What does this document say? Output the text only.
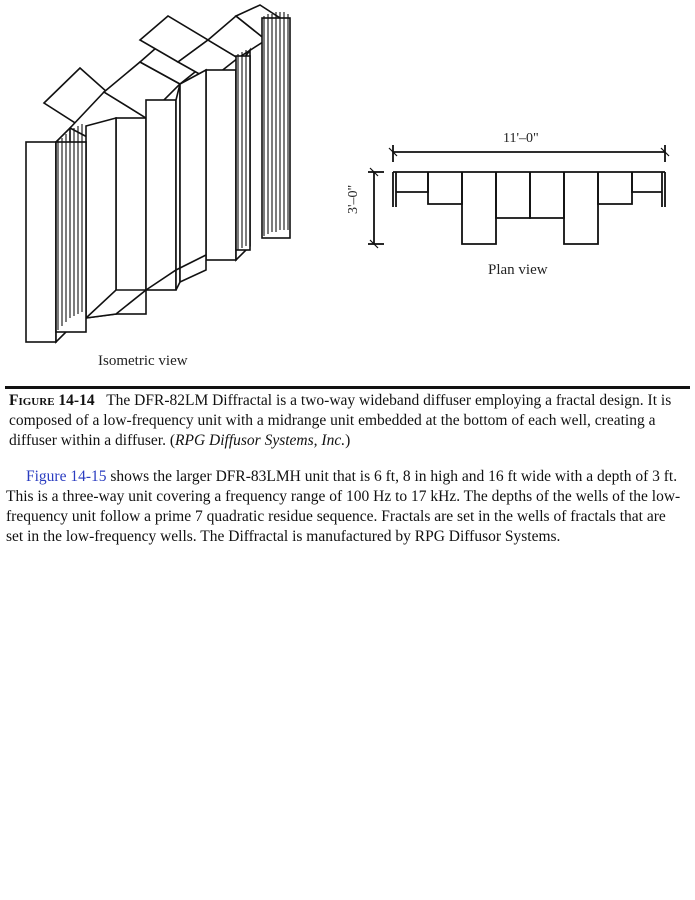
Isometric view
Plan view
11'–0"
3'–0"
Figure 14-14 The DFR-82LM Diffractal is a two-way wideband diffuser employing a fractal design. It is composed of a low-frequency unit with a midrange unit embedded at the bottom of each well, creating a diffuser within a diffuser. (RPG Diffusor Systems, Inc.)
Figure 14-15 shows the larger DFR-83LMH unit that is 6 ft, 8 in high and 16 ft wide with a depth of 3 ft. This is a three-way unit covering a frequency range of 100 Hz to 17 kHz. The depths of the wells of the low-frequency unit follow a prime 7 quadratic residue sequence. Fractals are set in the wells of fractals that are set in the low-frequency wells. The Diffractal is manufactured by RPG Diffusor Systems.
